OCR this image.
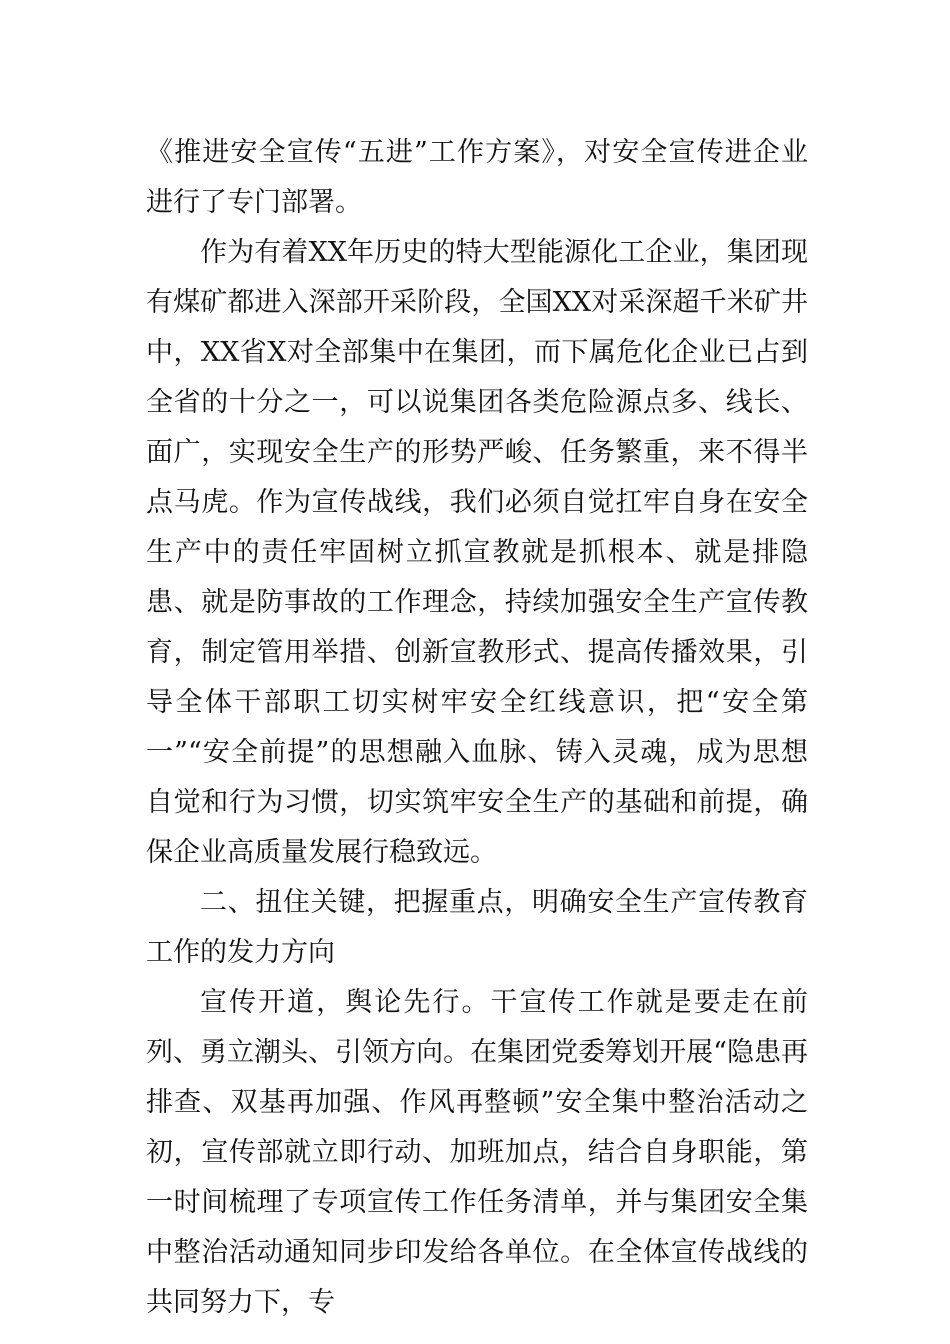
《推进安全宣传“五进”工作方案》，对安全宣传进企业进行了专门部署。

作为有着XX年历史的特大型能源化工企业，集团现有煤矿都进入深部开采阶段，全国XX对采深超千米矿井中，XX省X对全部集中在集团，而下属危化企业已占到全省的十分之一，可以说集团各类危险源点多、线长、面广，实现安全生产的形势严峻、任务繁重，来不得半点马虎。作为宣传战线，我们必须自觉扛牢自身在安全生产中的责任牢固树立抓宣教就是抓根本、就是排隐患、就是防事故的工作理念，持续加强安全生产宣传教育，制定管用举措、创新宣教形式、提高传播效果，引导全体干部职工切实树牢安全红线意识，把“安全第一”“安全前提”的思想融入血脉、铸入灵魂，成为思想自觉和行为习惯，切实筑牢安全生产的基础和前提，确保企业高质量发展行稳致远。

二、扭住关键，把握重点，明确安全生产宣传教育工作的发力方向

宣传开道，舆论先行。干宣传工作就是要走在前列、勇立潮头、引领方向。在集团党委筹划开展“隐患再排查、双基再加强、作风再整顿”安全集中整治活动之初，宣传部就立即行动、加班加点，结合自身职能，第一时间梳理了专项宣传工作任务清单，并与集团安全集中整治活动通知同步印发给各单位。在全体宣传战线的共同努力下，专
